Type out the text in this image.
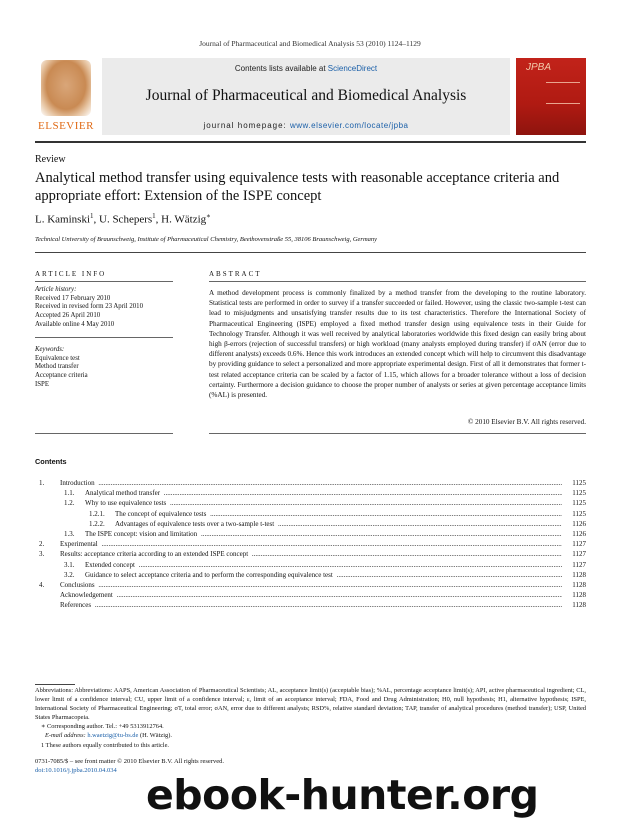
Journal of Pharmaceutical and Biomedical Analysis 53 (2010) 1124–1129
ELSEVIER
Contents lists available at ScienceDirect
Journal of Pharmaceutical and Biomedical Analysis
journal homepage: www.elsevier.com/locate/jpba
JPBA
Review
Analytical method transfer using equivalence tests with reasonable acceptance criteria and appropriate effort: Extension of the ISPE concept
L. Kaminski$^1$, U. Schepers$^1$, H. Wätzig∗
Technical University of Braunschweig, Institute of Pharmaceutical Chemistry, Beethovenstraße 55, 38106 Braunschweig, Germany
ARTICLE INFO	ABSTRACT
Article history:
Received 17 February 2010
Received in revised form 23 April 2010
Accepted 26 April 2010
Available online 4 May 2010
Keywords:
Equivalence test
Method transfer
Acceptance criteria
ISPE
A method development process is commonly finalized by a method transfer from the developing to the routine laboratory. Statistical tests are performed in order to survey if a transfer succeeded or failed. However, using the classic two-sample t-test can lead to misjudgments and unsatisfying transfer results due to its test characteristics. Therefore the International Society of Pharmaceutical Engineering (ISPE) employed a fixed method transfer design using equivalence tests in their Guide for Technology Transfer. Although it was well received by analytical laboratories worldwide this fixed design can easily bring about high β-errors (rejection of successful transfers) or high workload (many analysts employed during transfer) if σAN (error due to different analysts) exceeds 0.6%. Hence this work introduces an extended concept which will help to circumvent this disadvantage by providing guidance to select a personalized and more appropriate experimental design. First of all it demonstrates that former t-test related acceptance criteria can be scaled by a factor of 1.15, which allows for a broader tolerance without a loss of decision certainty. Furthermore a decision guidance to choose the proper number of analysts or series at given percentage acceptance limits (%AL) is presented.
© 2010 Elsevier B.V. All rights reserved.
Contents
1. Introduction .....	1125
1.1. Analytical method transfer .....	1125
1.2. Why to use equivalence tests .....	1125
1.2.1. The concept of equivalence tests .....	1125
1.2.2. Advantages of equivalence tests over a two-sample t-test .....	1126
1.3. The ISPE concept: vision and limitation .....	1126
2. Experimental .....	1127
3. Results: acceptance criteria according to an extended ISPE concept .....	1127
3.1. Extended concept .....	1127
3.2. Guidance to select acceptance criteria and to perform the corresponding equivalence test .....	1128
4. Conclusions .....	1128
Acknowledgement .....	1128
References .....	1128
Abbreviations: Abbreviations: AAPS, American Association of Pharmaceutical Scientists; AL, acceptance limit(s) (acceptable bias); %AL, percentage acceptance limit(s); API, active pharmaceutical ingredient; CL, lower limit of a confidence interval; CU, upper limit of a confidence interval; ε, limit of an acceptance interval; FDA, Food and Drug Administration; H0, null hypothesis; H1, alternative hypothesis; ISPE, International Society of Pharmaceutical Engineering; σT, total error; σAN, error due to different analysts; RSD%, relative standard deviation; TAP, transfer of analytical procedures (method transfer); USP, United States Pharmacopeia.
∗ Corresponding author. Tel.: +49 5313912764.
E-mail address: h.waetzig@tu-bs.de (H. Wätzig).
1 These authors equally contributed to this article.
0731-7085/$ – see front matter © 2010 Elsevier B.V. All rights reserved.
doi:10.1016/j.jpba.2010.04.034
ebook-hunter.org
